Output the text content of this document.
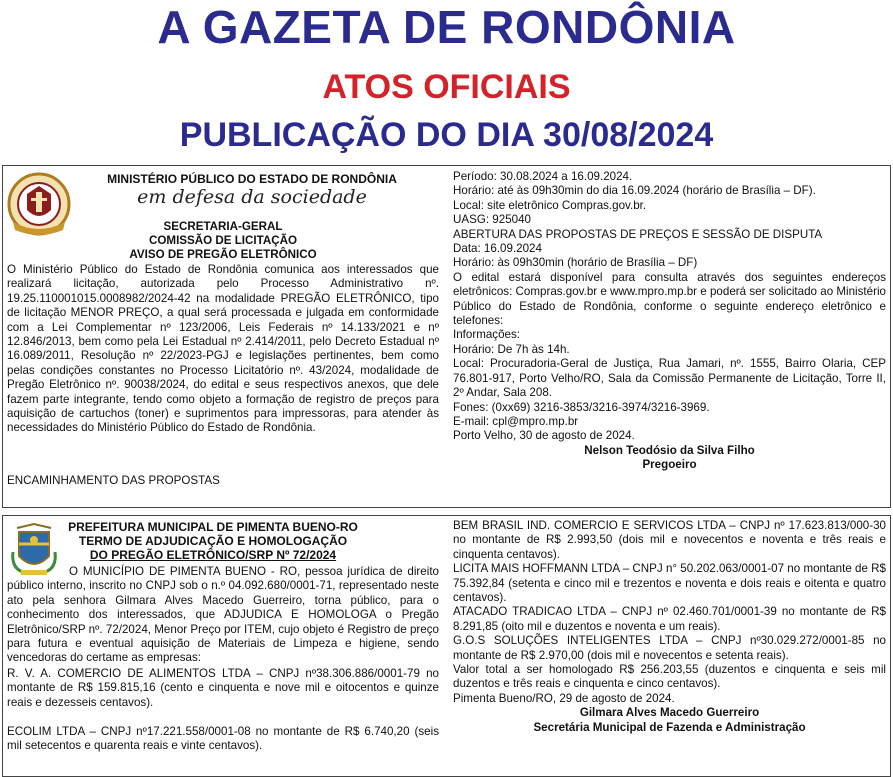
A GAZETA DE RONDÔNIA
ATOS OFICIAIS
PUBLICAÇÃO DO DIA 30/08/2024
MINISTÉRIO PÚBLICO DO ESTADO DE RONDÔNIA
em defesa da sociedade
SECRETARIA-GERAL
COMISSÃO DE LICITAÇÃO
AVISO DE PREGÃO ELETRÔNICO
O Ministério Público do Estado de Rondônia comunica aos interessados que realizará licitação, autorizada pelo Processo Administrativo nº. 19.25.110001015.0008982/2024-42 na modalidade PREGÃO ELETRÔNICO, tipo de licitação MENOR PREÇO, a qual será processada e julgada em conformidade com a Lei Complementar nº 123/2006, Leis Federais nº 14.133/2021 e nº 12.846/2013, bem como pela Lei Estadual nº 2.414/2011, pelo Decreto Estadual nº 16.089/2011, Resolução nº 22/2023-PGJ e legislações pertinentes, bem como pelas condições constantes no Processo Licitatório nº. 43/2024, modalidade de Pregão Eletrônico nº. 90038/2024, do edital e seus respectivos anexos, que dele fazem parte integrante, tendo como objeto a formação de registro de preços para aquisição de cartuchos (toner) e suprimentos para impressoras, para atender às necessidades do Ministério Público do Estado de Rondônia.
ENCAMINHAMENTO DAS PROPOSTAS

Período: 30.08.2024 a 16.09.2024.

Horário: até às 09h30min do dia 16.09.2024 (horário de Brasília – DF).

Local: site eletrônico Compras.gov.br.

UASG: 925040

ABERTURA DAS PROPOSTAS DE PREÇOS E SESSÃO DE DISPUTA

Data: 16.09.2024

Horário: às 09h30min (horário de Brasília – DF)

O edital estará disponível para consulta através dos seguintes endereços eletrônicos: Compras.gov.br e www.mpro.mp.br e poderá ser solicitado ao Ministério Público do Estado de Rondônia, conforme o seguinte endereço eletrônico e telefones:

Informações:

Horário: De 7h às 14h.

Local: Procuradoria-Geral de Justiça, Rua Jamari, nº. 1555, Bairro Olaria, CEP 76.801-917, Porto Velho/RO, Sala da Comissão Permanente de Licitação, Torre II, 2º Andar, Sala 208.

Fones: (0xx69) 3216-3853/3216-3974/3216-3969.

E-mail: cpl@mpro.mp.br

Porto Velho, 30 de agosto de 2024.

Nelson Teodósio da Silva Filho

Pregoeiro

PREFEITURA MUNICIPAL DE PIMENTA BUENO-RO
TERMO DE ADJUDICAÇÃO E HOMOLOGAÇÃO
DO PREGÃO ELETRÔNICO/SRP Nº 72/2024
O MUNICÍPIO DE PIMENTA BUENO - RO, pessoa jurídica de direito público interno, inscrito no CNPJ sob o n.º 04.092.680/0001-71, representado neste ato pela senhora Gilmara Alves Macedo Guerreiro, torna público, para o conhecimento dos interessados, que ADJUDICA E HOMOLOGA o Pregão Eletrônico/SRP nº. 72/2024, Menor Preço por ITEM, cujo objeto é Registro de preço para futura e eventual aquisição de Materiais de Limpeza e higiene, sendo vencedoras do certame as empresas:
R. V. A. COMERCIO DE ALIMENTOS LTDA – CNPJ nº38.306.886/0001-79 no montante de R$ 159.815,16 (cento e cinquenta e nove mil e oitocentos e quinze reais e dezesseis centavos).
ECOLIM LTDA – CNPJ nº17.221.558/0001-08 no montante de R$ 6.740,20 (seis mil setecentos e quarenta reais e vinte centavos).

BEM BRASIL IND. COMERCIO E SERVICOS LTDA – CNPJ nº 17.623.813/000-30 no montante de R$ 2.993,50 (dois mil e novecentos e noventa e três reais e cinquenta centavos).

LICITA MAIS HOFFMANN LTDA – CNPJ n° 50.202.063/0001-07 no montante de R$ 75.392,84 (setenta e cinco mil e trezentos e noventa e dois reais e oitenta e quatro centavos).

ATACADO TRADICAO LTDA – CNPJ nº 02.460.701/0001-39 no montante de R$ 8.291,85 (oito mil e duzentos e noventa e um reais).

G.O.S SOLUÇÕES INTELIGENTES LTDA – CNPJ nº30.029.272/0001-85 no montante de R$ 2.970,00 (dois mil e novecentos e setenta reais).

Valor total a ser homologado R$ 256.203,55 (duzentos e cinquenta e seis mil duzentos e três reais e cinquenta e cinco centavos).

Pimenta Bueno/RO, 29 de agosto de 2024.

Gilmara Alves Macedo Guerreiro

Secretária Municipal de Fazenda e Administração
